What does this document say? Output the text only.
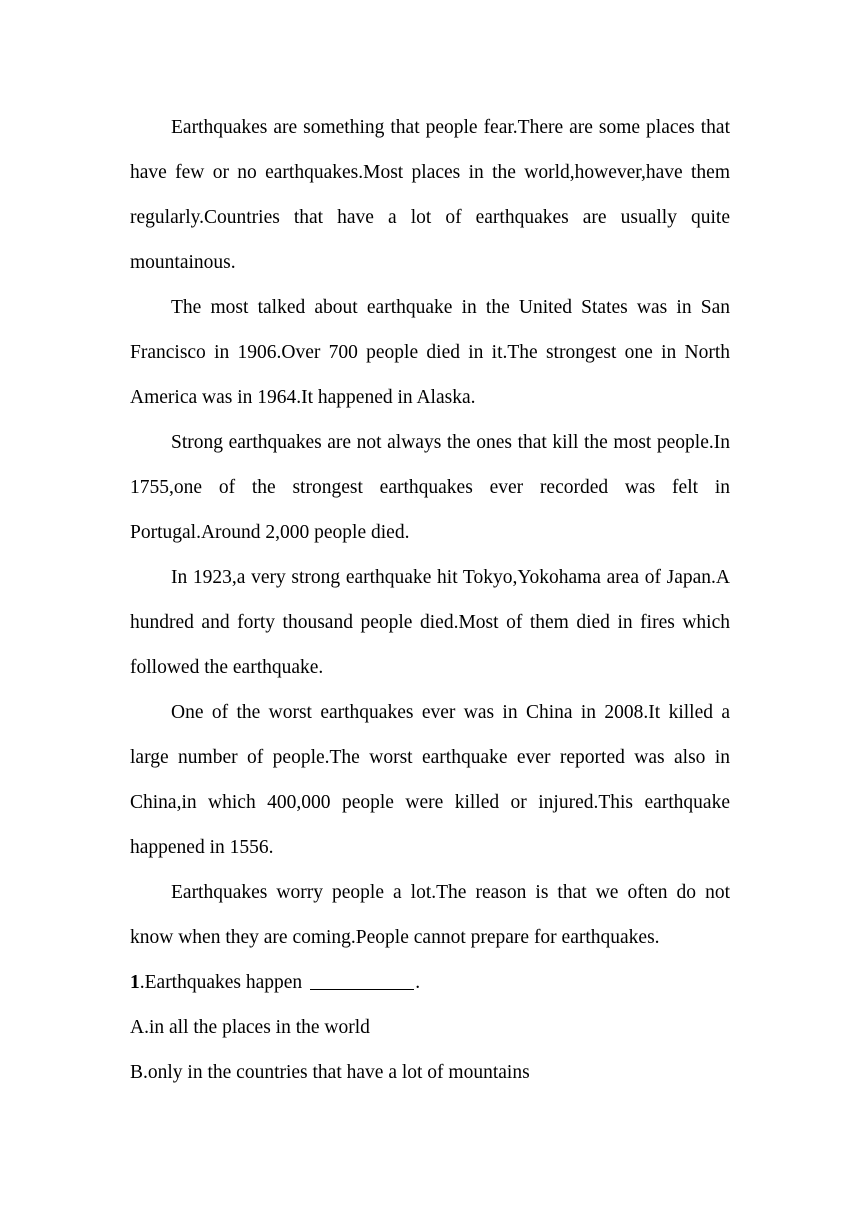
Earthquakes are something that people fear.There are some places that have few or no earthquakes.Most places in the world,however,have them regularly.Countries that have a lot of earthquakes are usually quite mountainous.

The most talked about earthquake in the United States was in San Francisco in 1906.Over 700 people died in it.The strongest one in North America was in 1964.It happened in Alaska.

Strong earthquakes are not always the ones that kill the most people.In 1755,one of the strongest earthquakes ever recorded was felt in Portugal.Around 2,000 people died.

In 1923,a very strong earthquake hit Tokyo,Yokohama area of Japan.A hundred and forty thousand people died.Most of them died in fires which followed the earthquake.

One of the worst earthquakes ever was in China in 2008.It killed a large number of people.The worst earthquake ever reported was also in China,in which 400,000 people were killed or injured.This earthquake happened in 1556.

Earthquakes worry people a lot.The reason is that we often do not know when they are coming.People cannot prepare for earthquakes.

1.Earthquakes happen	.

A.in all the places in the world

B.only in the countries that have a lot of mountains
